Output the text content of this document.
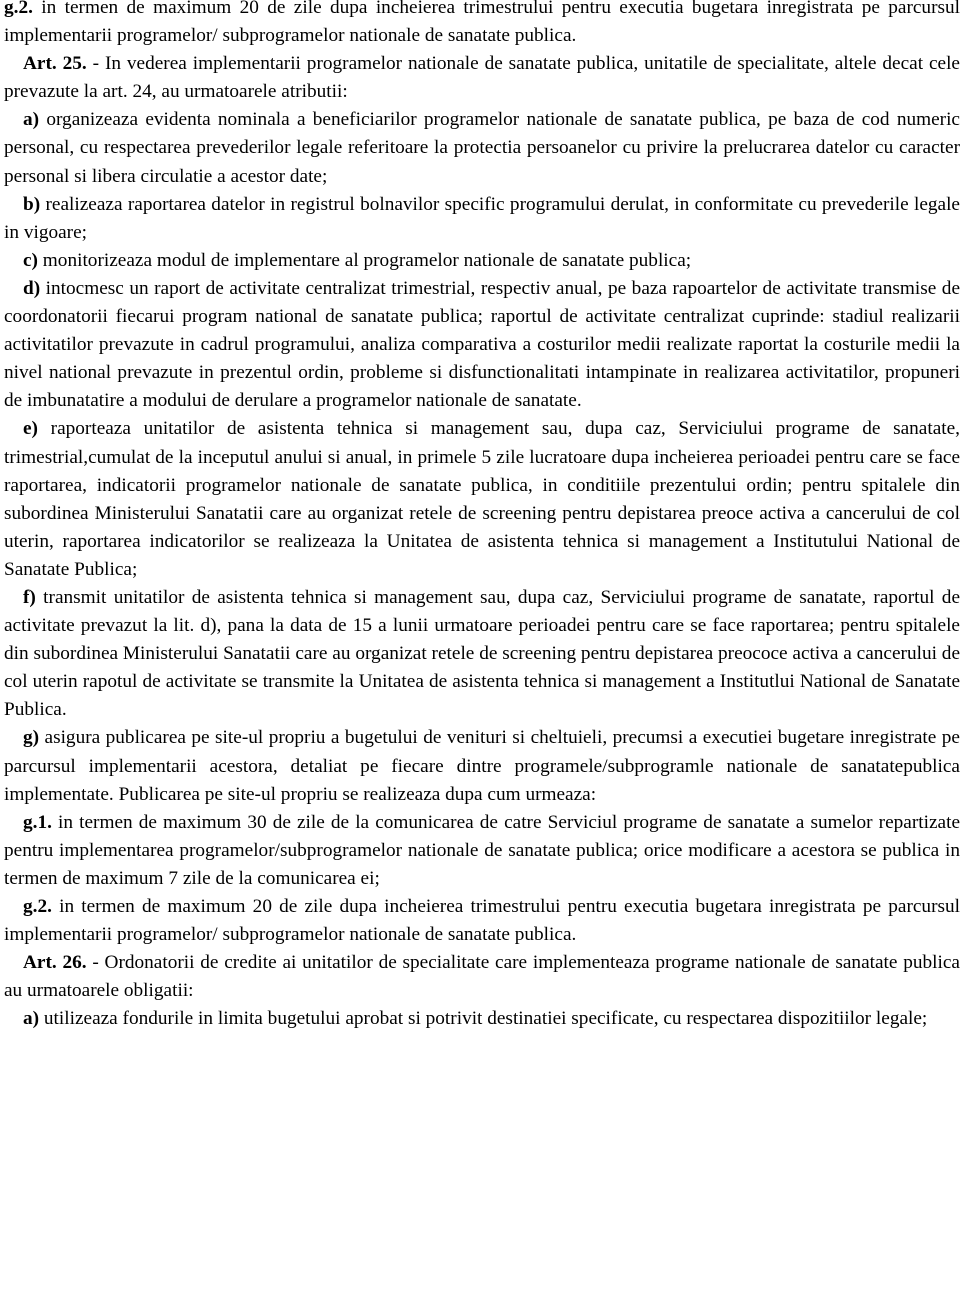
g.2. in termen de maximum 20 de zile dupa incheierea trimestrului pentru executia bugetara inregistrata pe parcursul implementarii programelor/ subprogramelor nationale de sanatate publica.

Art. 25. - In vederea implementarii programelor nationale de sanatate publica, unitatile de specialitate, altele decat cele prevazute la art. 24, au urmatoarele atributii:

a) organizeaza evidenta nominala a beneficiarilor programelor nationale de sanatate publica, pe baza de cod numeric personal, cu respectarea prevederilor legale referitoare la protectia persoanelor cu privire la prelucrarea datelor cu caracter personal si libera circulatie a acestor date;

b) realizeaza raportarea datelor in registrul bolnavilor specific programului derulat, in conformitate cu prevederile legale in vigoare;

c) monitorizeaza modul de implementare al programelor nationale de sanatate publica;

d) intocmesc un raport de activitate centralizat trimestrial, respectiv anual, pe baza rapoartelor de activitate transmise de coordonatorii fiecarui program national de sanatate publica; raportul de activitate centralizat cuprinde: stadiul realizarii activitatilor prevazute in cadrul programului, analiza comparativa a costurilor medii realizate raportat la costurile medii la nivel national prevazute in prezentul ordin, probleme si disfunctionalitati intampinate in realizarea activitatilor, propuneri de imbunatatire a modului de derulare a programelor nationale de sanatate.

e) raporteaza unitatilor de asistenta tehnica si management sau, dupa caz, Serviciului programe de sanatate, trimestrial,cumulat de la inceputul anului si anual, in primele 5 zile lucratoare dupa incheierea perioadei pentru care se face raportarea, indicatorii programelor nationale de sanatate publica, in conditiile prezentului ordin; pentru spitalele din subordinea Ministerului Sanatatii care au organizat retele de screening pentru depistarea preoce activa a cancerului de col uterin, raportarea indicatorilor se realizeaza la Unitatea de asistenta tehnica si management a Institutului National de Sanatate Publica;

f) transmit unitatilor de asistenta tehnica si management sau, dupa caz, Serviciului programe de sanatate, raportul de activitate prevazut la lit. d), pana la data de 15 a lunii urmatoare perioadei pentru care se face raportarea; pentru spitalele din subordinea Ministerului Sanatatii care au organizat retele de screening pentru depistarea preococe activa a cancerului de col uterin rapotul de activitate se transmite la Unitatea de asistenta tehnica si management a Institutlui National de Sanatate Publica.

g) asigura publicarea pe site-ul propriu a bugetului de venituri si cheltuieli, precumsi a executiei bugetare inregistrate pe parcursul implementarii acestora, detaliat pe fiecare dintre programele/subprogramle nationale de sanatatepublica implementate. Publicarea pe site-ul propriu se realizeaza dupa cum urmeaza:

g.1. in termen de maximum 30 de zile de la comunicarea de catre Serviciul programe de sanatate a sumelor repartizate pentru implementarea programelor/subprogramelor nationale de sanatate publica; orice modificare a acestora se publica in termen de maximum 7 zile de la comunicarea ei;

g.2. in termen de maximum 20 de zile dupa incheierea trimestrului pentru executia bugetara inregistrata pe parcursul implementarii programelor/ subprogramelor nationale de sanatate publica.

Art. 26. - Ordonatorii de credite ai unitatilor de specialitate care implementeaza programe nationale de sanatate publica au urmatoarele obligatii:

a) utilizeaza fondurile in limita bugetului aprobat si potrivit destinatiei specificate, cu respectarea dispozitiilor legale;
